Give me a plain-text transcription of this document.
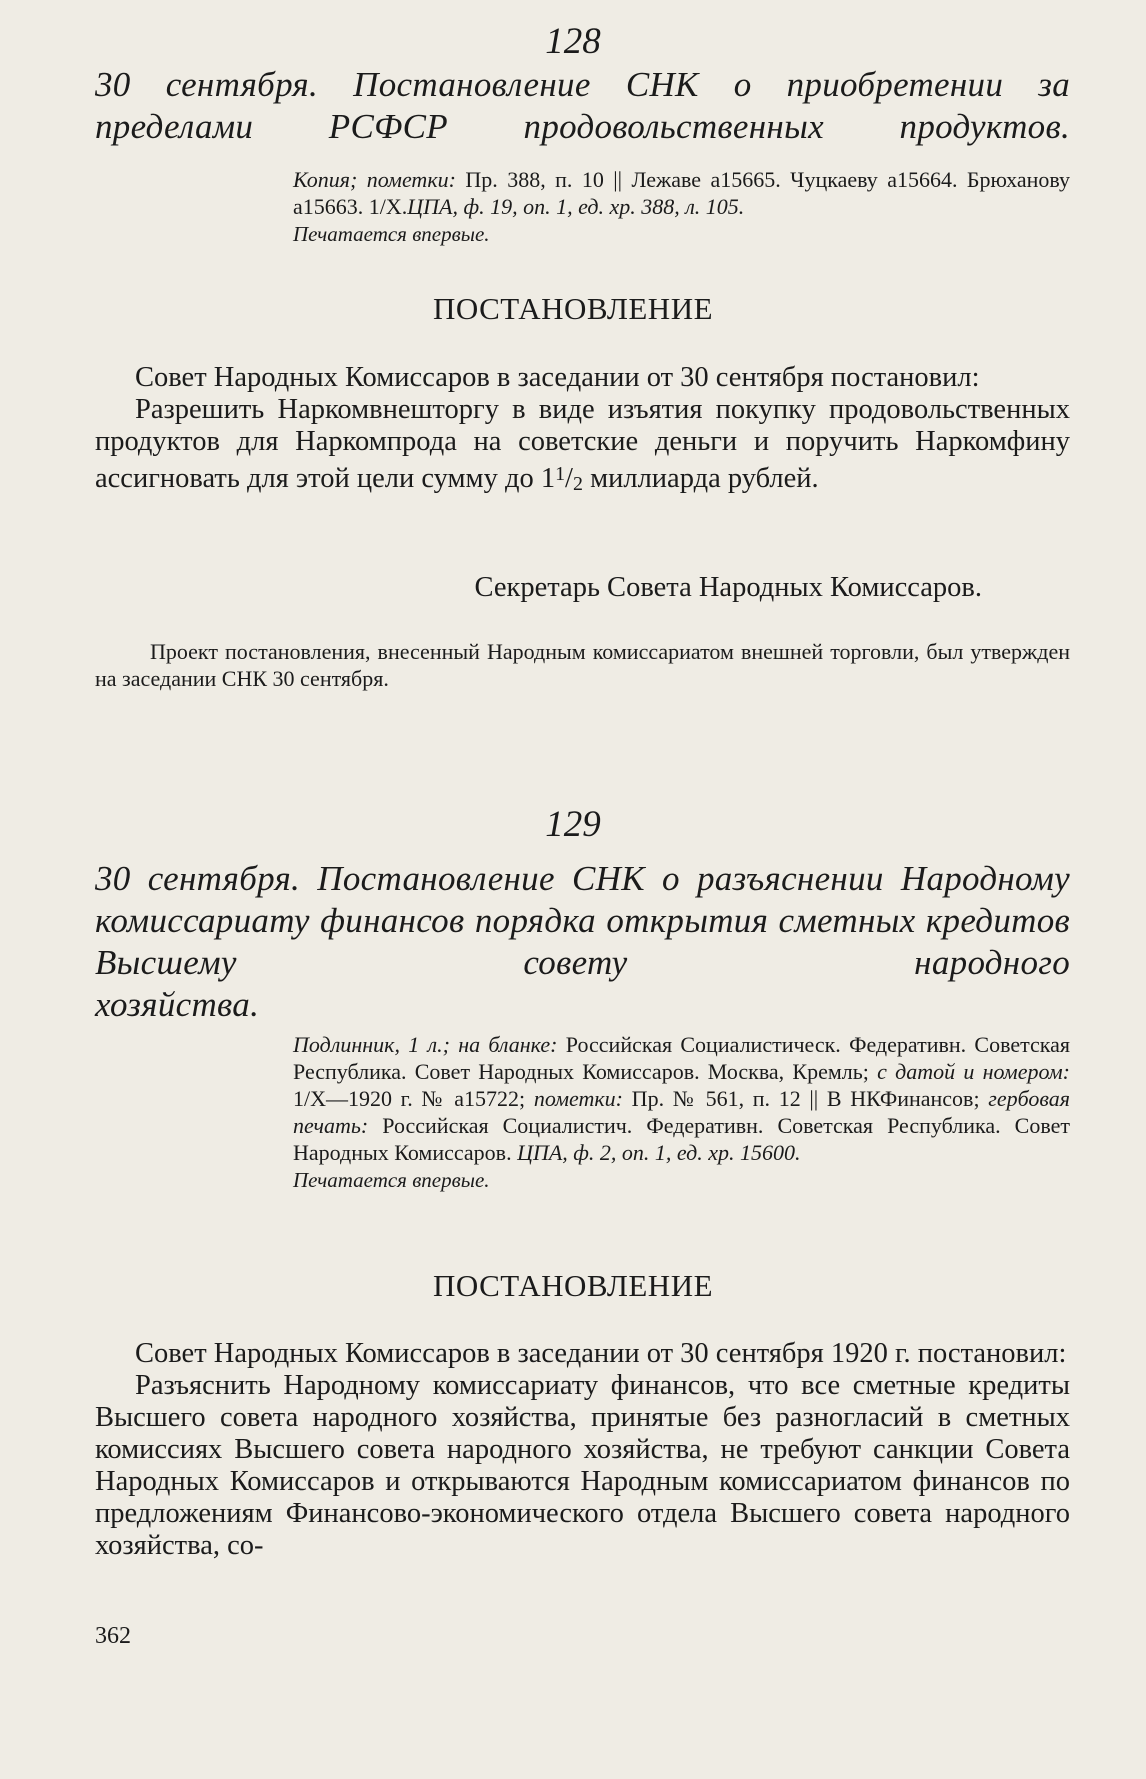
128
30 сентября. Постановление СНК о приобретении за пределами РСФСР продовольственных продуктов.
Копия; пометки: Пр. 388, п. 10 || Лежаве а15665. Чуцкаеву а15664. Брюханову а15663. 1/X.ЦПА, ф. 19, оп. 1, ед. хр. 388, л. 105.
Печатается впервые.
ПОСТАНОВЛЕНИЕ

Совет Народных Комиссаров в заседании от 30 сентября постановил:

Разрешить Наркомвнешторгу в виде изъятия покупку продовольственных продуктов для Наркомпрода на советские деньги и поручить Наркомфину ассигновать для этой цели сумму до $1^1/2$ миллиарда рублей.

Секретарь Совета Народных Комиссаров.

Проект постановления, внесенный Народным комиссариатом внешней торговли, был утвержден на заседании СНК 30 сентября.

129
30 сентября. Постановление СНК о разъяснении Народному комиссариату финансов порядка открытия сметных кредитов Высшему совету народного
хозяйства.
Подлинник, 1 л.; на бланке: Российская Социалистическ. Федеративн. Советская Республика. Совет Народных Комиссаров. Москва, Кремль; с датой и номером: 1/X—1920 г. № а15722; пометки: Пр. № 561, п. 12 || В НКФинансов; гербовая печать: Российская Социалистич. Федеративн. Советская Республика. Совет Народных Комиссаров. ЦПА, ф. 2, оп. 1, ед. хр. 15600.
Печатается впервые.
ПОСТАНОВЛЕНИЕ

Совет Народных Комиссаров в заседании от 30 сентября 1920 г. постановил:

Разъяснить Народному комиссариату финансов, что все сметные кредиты Высшего совета народного хозяйства, принятые без разногласий в сметных комиссиях Высшего совета народного хозяйства, не требуют санкции Совета Народных Комиссаров и открываются Народным комиссариатом финансов по предложениям Финансово-экономического отдела Высшего совета народного хозяйства, со-

362
